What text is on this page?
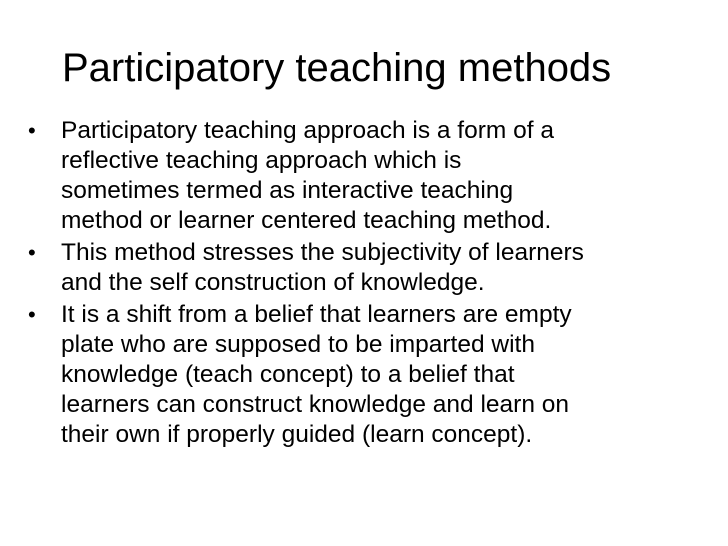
Participatory teaching methods
• Participatory teaching approach is a form of a
reflective teaching approach which is
sometimes termed as interactive teaching
method or learner centered teaching method.
• This method stresses the subjectivity of learners
and the self construction of knowledge.
• It is a shift from a belief that learners are empty
plate who are supposed to be imparted with
knowledge (teach concept) to a belief that
learners can construct knowledge and learn on
their own if properly guided (learn concept).
